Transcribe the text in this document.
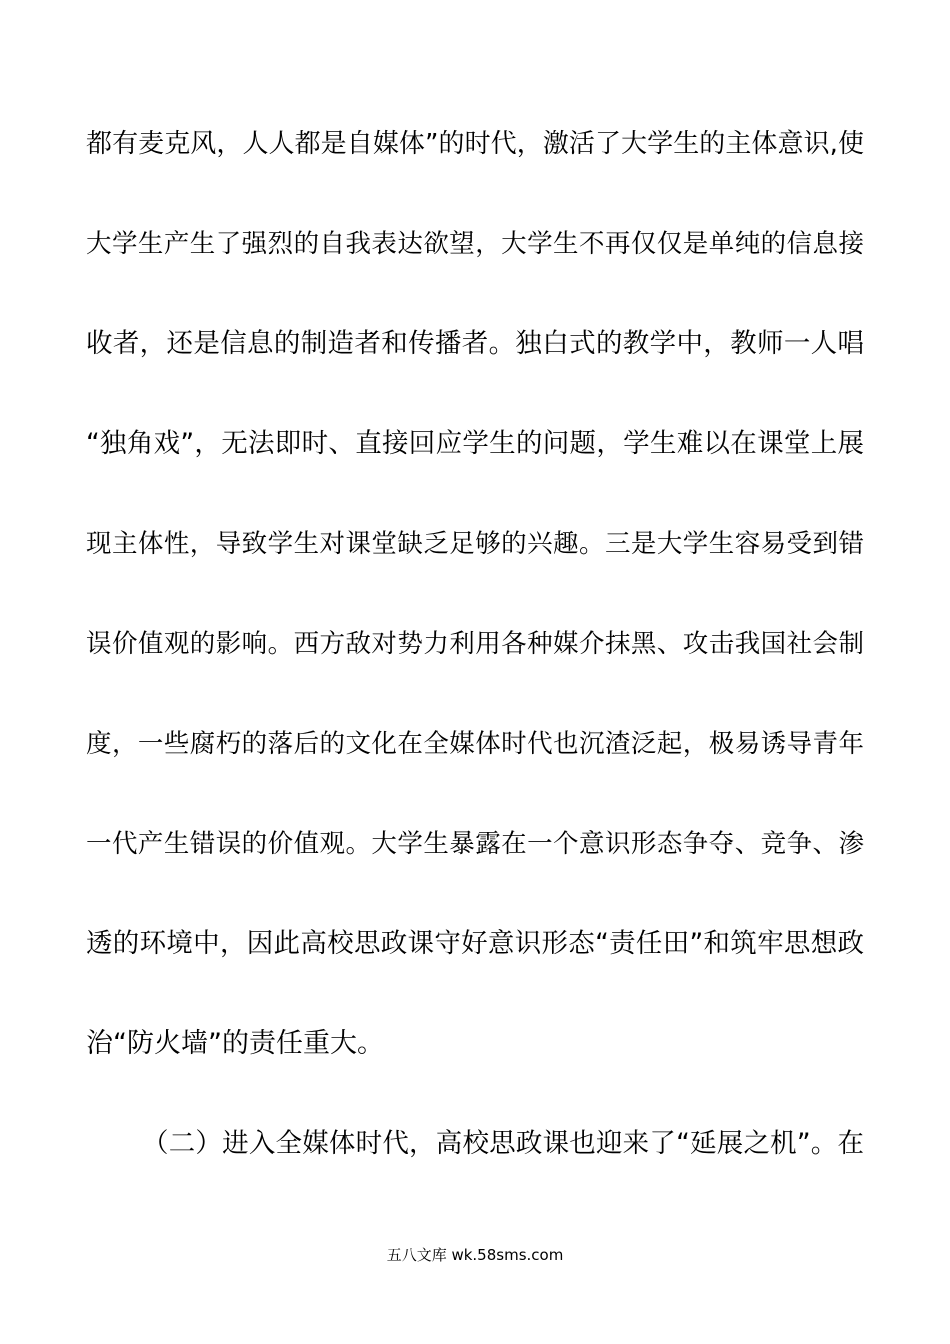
都有麦克风，人人都是自媒体”的时代，激活了大学生的主体意识,使
大学生产生了强烈的自我表达欲望，大学生不再仅仅是单纯的信息接
收者，还是信息的制造者和传播者。独白式的教学中，教师一人唱
“独角戏”，无法即时、直接回应学生的问题，学生难以在课堂上展
现主体性，导致学生对课堂缺乏足够的兴趣。三是大学生容易受到错
误价值观的影响。西方敌对势力利用各种媒介抹黑、攻击我国社会制
度，一些腐朽的落后的文化在全媒体时代也沉渣泛起，极易诱导青年
一代产生错误的价值观。大学生暴露在一个意识形态争夺、竞争、渗
透的环境中，因此高校思政课守好意识形态“责任田”和筑牢思想政
治“防火墙”的责任重大。
（二）进入全媒体时代，高校思政课也迎来了“延展之机”。在
五八文库 wk.58sms.com
